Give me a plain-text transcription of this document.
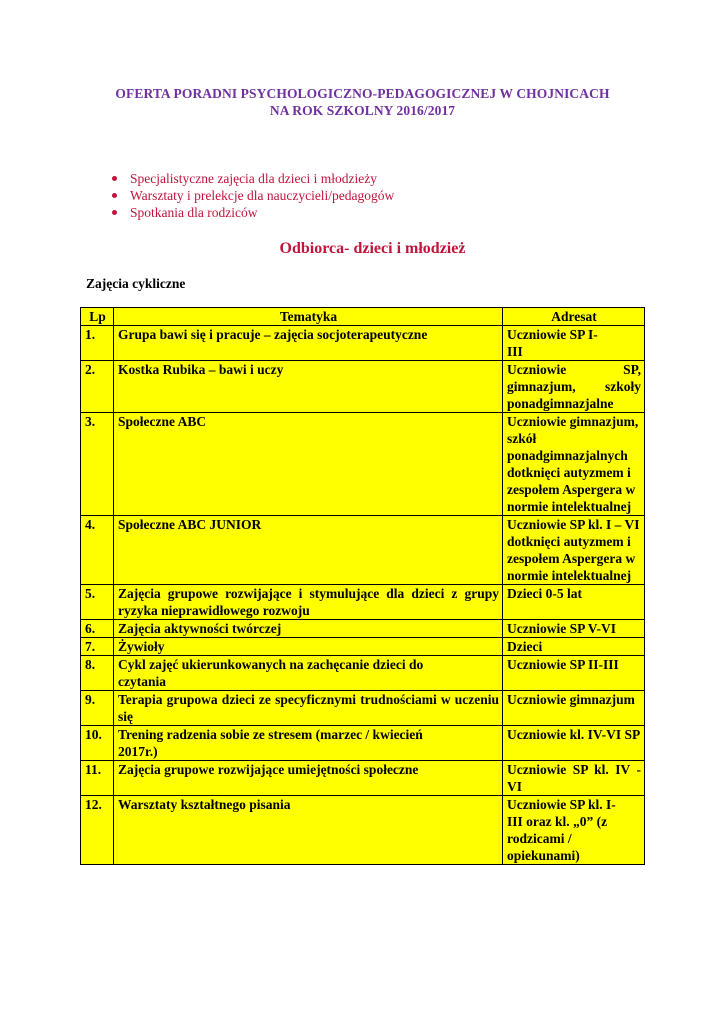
OFERTA PORADNI PSYCHOLOGICZNO-PEDAGOGICZNEJ W CHOJNICACH
NA ROK SZKOLNY 2016/2017
Specjalistyczne zajęcia dla dzieci i młodzieży
Warsztaty i prelekcje dla nauczycieli/pedagogów
Spotkania dla rodziców
Odbiorca- dzieci i młodzież
Zajęcia cykliczne
Lp	Tematyka	Adresat
1.	Grupa bawi się i pracuje – zajęcia socjoterapeutyczne	Uczniowie SP I-III
2.	Kostka Rubika – bawi i uczy	Uczniowie SP, gimnazjum, szkoły ponadgimnazjalne
3.	Społeczne ABC	Uczniowie gimnazjum, szkół ponadgimnazjalnych dotknięci autyzmem i zespołem Aspergera w normie intelektualnej
4.	Społeczne ABC JUNIOR	Uczniowie SP kl. I – VI dotknięci autyzmem i zespołem Aspergera w normie intelektualnej
5.	Zajęcia grupowe rozwijające i stymulujące dla dzieci z grupy ryzyka nieprawidłowego rozwoju	Dzieci 0-5 lat
6.	Zajęcia aktywności twórczej	Uczniowie SP V-VI
7.	Żywioły	Dzieci
8.	Cykl zajęć ukierunkowanych na zachęcanie dzieci do czytania	Uczniowie SP II-III
9.	Terapia grupowa dzieci ze specyficznymi trudnościami w uczeniu się	Uczniowie gimnazjum
10.	Trening radzenia sobie ze stresem (marzec / kwiecień 2017r.)	Uczniowie kl. IV-VI SP
11.	Zajęcia grupowe rozwijające umiejętności społeczne	Uczniowie SP kl. IV - VI
12.	Warsztaty kształtnego pisania	Uczniowie SP kl. I-III oraz kl. „0” (z rodzicami / opiekunami)
